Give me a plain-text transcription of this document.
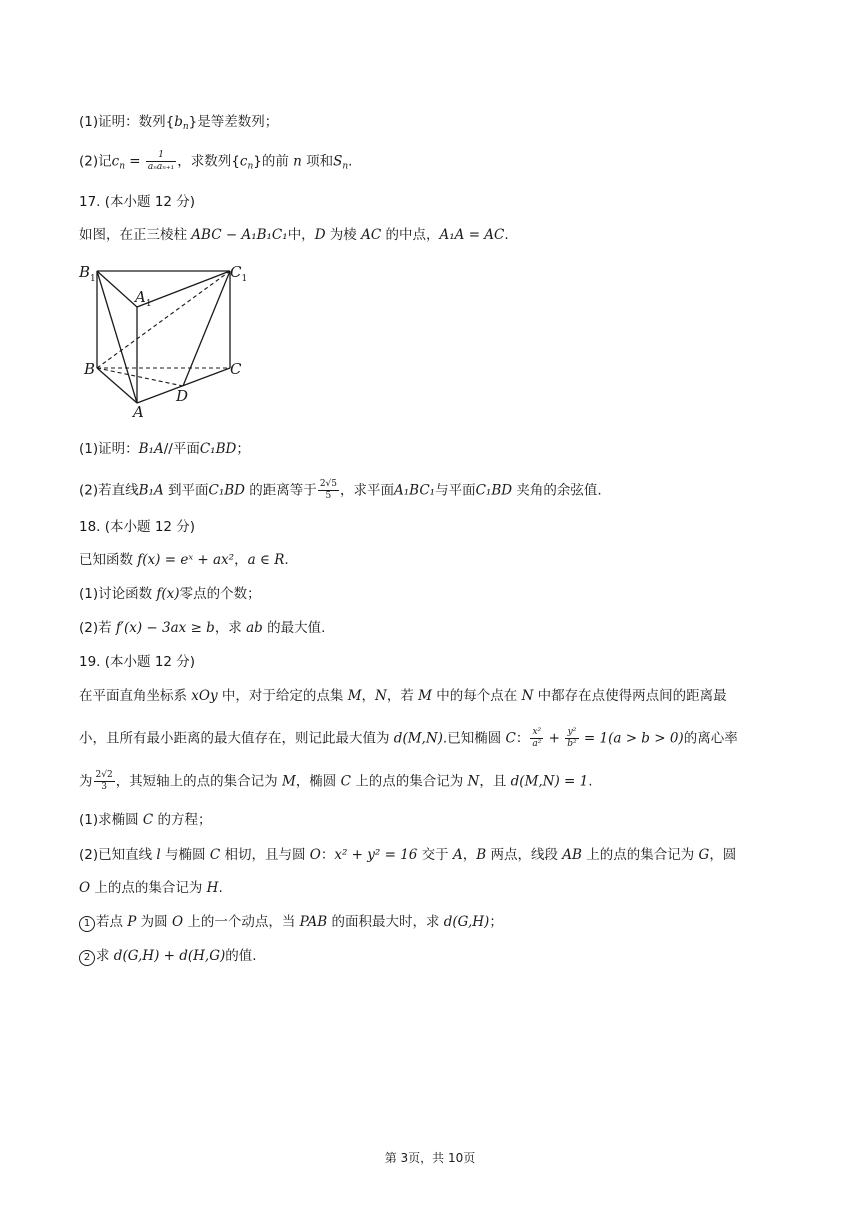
(1)证明：数列$\{b_n\}$是等差数列；
(2)记$c_n = \frac{1}{\text{aₙaₙ₊₁}}$ ，求数列$\{c_n\}$的前 n 项和$S_n$.
17. (本小题 12 分)
如图，在正三棱柱 ABC − A₁B₁C₁中，D 为棱 AC 的中点，A₁A = AC.
$B_1$	$C_1$
$A_1$
B	C
A
D
(1)证明：B₁A//平面C₁BD；
(2)若直线B₁A 到平面C₁BD 的距离等于 $\frac{2√5}{5}$ ，求平面A₁BC₁与平面C₁BD 夹角的余弦值.
18. (本小题 12 分)
已知函数 f(x) = eˣ + ax²，a ∈ R.
(1)讨论函数 f(x)零点的个数；
(2)若 f′(x) − 3ax ≥ b，求 ab 的最大值.
19. (本小题 12 分)
在平面直角坐标系 xOy 中，对于给定的点集 M，N，若 M 中的每个点在 N 中都存在点使得两点间的距离最
小，且所有最小距离的最大值存在，则记此最大值为 d(M,N).已知椭圆 C： $\frac{\text{x²}}{\text{a²}} + \frac{\text{y²}}{\text{b²}} = 1(a > b > 0)$的离心率
为 $\frac{2√2}{3}$ ，其短轴上的点的集合记为 M，椭圆 C 上的点的集合记为 N，且 d(M,N) = 1.
(1)求椭圆 C 的方程；
(2)已知直线 l 与椭圆 C 相切，且与圆 O：x² + y² = 16 交于 A，B 两点，线段 AB 上的点的集合记为 G，圆
O 上的点的集合记为 H.
1 若点 P 为圆 O 上的一个动点，当 PAB 的面积最大时，求 d(G,H)；
2 求 d(G,H) + d(H,G)的值.
第 3页，共 10页
